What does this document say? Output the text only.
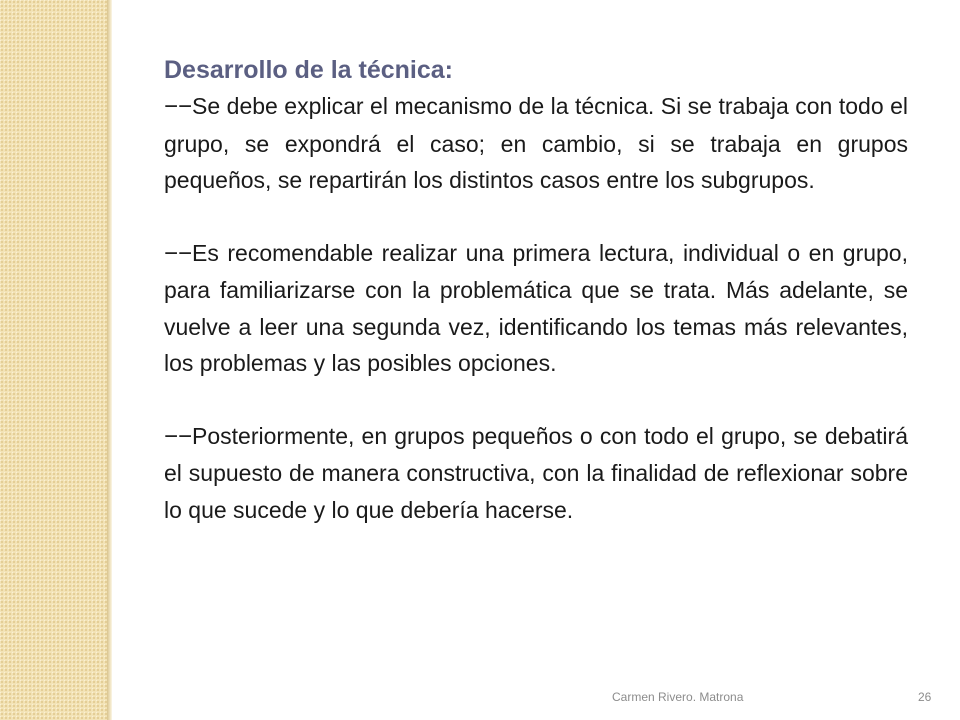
Desarrollo de la técnica:

−−Se debe explicar el mecanismo de la técnica. Si se trabaja con todo el grupo, se expondrá el caso; en cambio, si se trabaja en grupos pequeños, se repartirán los distintos casos entre los subgrupos.

−−Es recomendable realizar una primera lectura, individual o en grupo, para familiarizarse con la problemática que se trata. Más adelante, se vuelve a leer una segunda vez, identificando los temas más relevantes, los problemas y las posibles opciones.

−−Posteriormente, en grupos pequeños o con todo el grupo, se debatirá el supuesto de manera constructiva, con la finalidad de reflexionar sobre lo que sucede y lo que debería hacerse.

Carmen Rivero. Matrona	26
